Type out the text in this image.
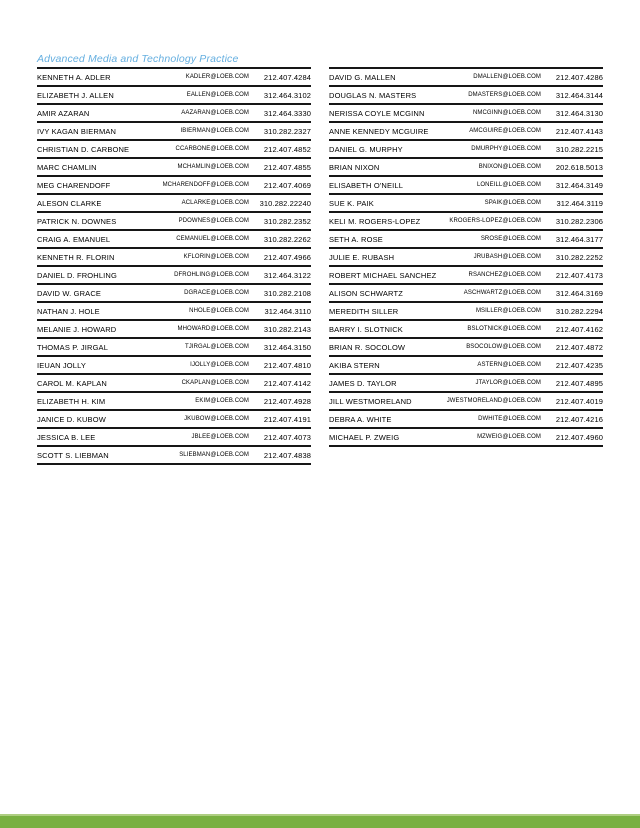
Advanced Media and Technology Practice
KENNETH A. ADLER	KADLER@LOEB.COM	212.407.4284
ELIZABETH J. ALLEN	EALLEN@LOEB.COM	312.464.3102
AMIR AZARAN	AAZARAN@LOEB.COM	312.464.3330
IVY KAGAN BIERMAN	IBIERMAN@LOEB.COM	310.282.2327
CHRISTIAN D. CARBONE	CCARBONE@LOEB.COM	212.407.4852
MARC CHAMLIN	MCHAMLIN@LOEB.COM	212.407.4855
MEG CHARENDOFF	MCHARENDOFF@LOEB.COM	212.407.4069
ALESON CLARKE	ACLARKE@LOEB.COM	310.282.22240
PATRICK N. DOWNES	PDOWNES@LOEB.COM	310.282.2352
CRAIG A. EMANUEL	CEMANUEL@LOEB.COM	310.282.2262
KENNETH R. FLORIN	KFLORIN@LOEB.COM	212.407.4966
DANIEL D. FROHLING	DFROHLING@LOEB.COM	312.464.3122
DAVID W. GRACE	DGRACE@LOEB.COM	310.282.2108
NATHAN J. HOLE	NHOLE@LOEB.COM	312.464.3110
MELANIE J. HOWARD	MHOWARD@LOEB.COM	310.282.2143
THOMAS P. JIRGAL	TJIRGAL@LOEB.COM	312.464.3150
IEUAN JOLLY	IJOLLY@LOEB.COM	212.407.4810
CAROL M. KAPLAN	CKAPLAN@LOEB.COM	212.407.4142
ELIZABETH H. KIM	EKIM@LOEB.COM	212.407.4928
JANICE D. KUBOW	JKUBOW@LOEB.COM	212.407.4191
JESSICA B. LEE	JBLEE@LOEB.COM	212.407.4073
SCOTT S. LIEBMAN	SLIEBMAN@LOEB.COM	212.407.4838
DAVID G. MALLEN	DMALLEN@LOEB.COM	212.407.4286
DOUGLAS N. MASTERS	DMASTERS@LOEB.COM	312.464.3144
NERISSA COYLE MCGINN	NMCGINN@LOEB.COM	312.464.3130
ANNE KENNEDY MCGUIRE	AMCGUIRE@LOEB.COM	212.407.4143
DANIEL G. MURPHY	DMURPHY@LOEB.COM	310.282.2215
BRIAN NIXON	BNIXON@LOEB.COM	202.618.5013
ELISABETH O'NEILL	LONEILL@LOEB.COM	312.464.3149
SUE K. PAIK	SPAIK@LOEB.COM	312.464.3119
KELI M. ROGERS-LOPEZ	KROGERS-LOPEZ@LOEB.COM	310.282.2306
SETH A. ROSE	SROSE@LOEB.COM	312.464.3177
JULIE E. RUBASH	JRUBASH@LOEB.COM	310.282.2252
ROBERT MICHAEL SANCHEZ	RSANCHEZ@LOEB.COM	212.407.4173
ALISON SCHWARTZ	ASCHWARTZ@LOEB.COM	312.464.3169
MEREDITH SILLER	MSILLER@LOEB.COM	310.282.2294
BARRY I. SLOTNICK	BSLOTNICK@LOEB.COM	212.407.4162
BRIAN R. SOCOLOW	BSOCOLOW@LOEB.COM	212.407.4872
AKIBA STERN	ASTERN@LOEB.COM	212.407.4235
JAMES D. TAYLOR	JTAYLOR@LOEB.COM	212.407.4895
JILL WESTMORELAND	JWESTMORELAND@LOEB.COM	212.407.4019
DEBRA A. WHITE	DWHITE@LOEB.COM	212.407.4216
MICHAEL P. ZWEIG	MZWEIG@LOEB.COM	212.407.4960
